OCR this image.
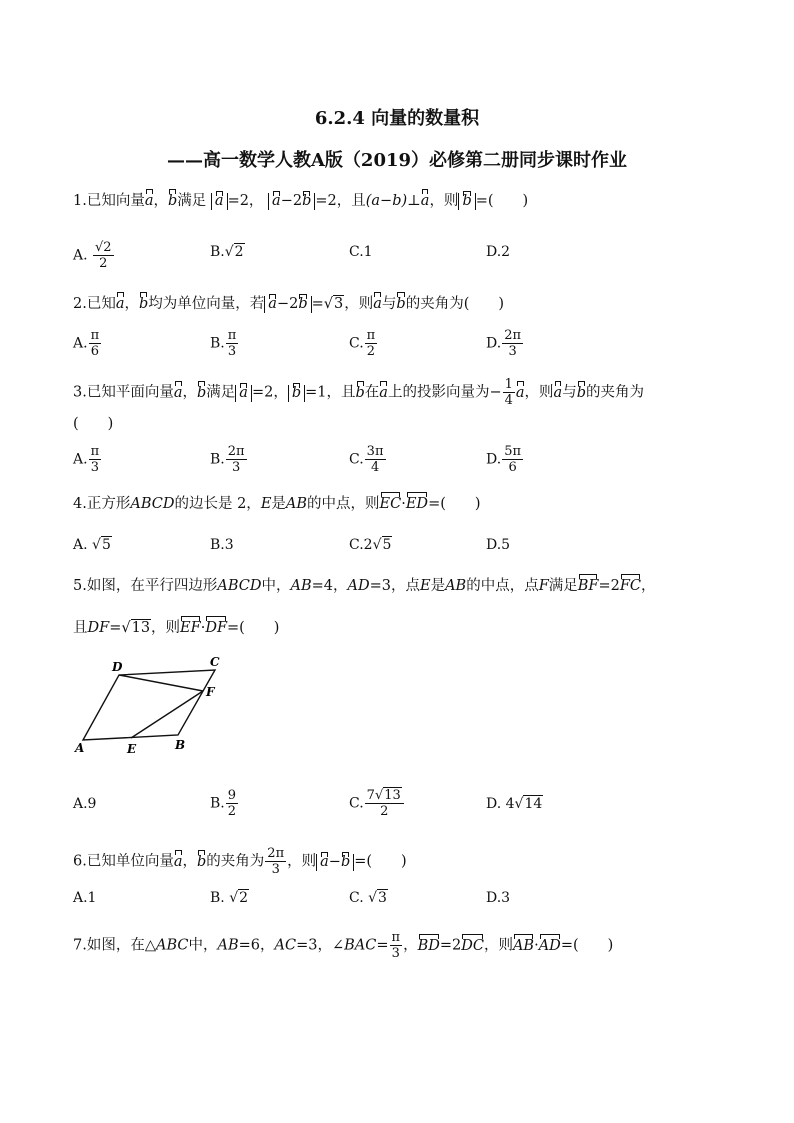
6.2.4 向量的数量积
——高一数学人教A版（2019）必修第二册同步课时作业
1.已知向量a，b满足 a =2， a−2b =2，且(a−b)⊥a，则 b =(　　)
A. $\frac{√2}{2}$	B.√2	C.1	D.2
2.已知a，b均为单位向量，若 a−2b =√3，则a与b的夹角为(　　)
A. $\frac{\pi}{6}$	B. $\frac{\pi}{3}$	C. $\frac{\pi}{2}$	D. $\frac{2\pi}{3}$
3.已知平面向量a，b满足 a =2， b =1，且b在a上的投影向量为− $\frac{1}{4}$ a，则a与b的夹角为
(　　)
A. $\frac{\pi}{3}$	B. $\frac{2\pi}{3}$	C. $\frac{3\pi}{4}$	D. $\frac{5\pi}{6}$
4.正方形ABCD的边长是 2，E是AB的中点，则EC·ED=(　　)
A. √5	B.3	C.2√5	D.5
5.如图，在平行四边形ABCD中，AB=4，AD=3，点E是AB的中点，点F满足BF=2FC，
且DF=√13，则EF·DF=(　　)
A
D	C
F
E	B
A.9	B. $\frac{9}{2}$	C. $\frac{7√13}{2}$	D. 4√14
6.已知单位向量a，b的夹角为 $\frac{2\pi}{3}$ ，则 a−b =(　　)
A.1	B. √2	C. √3	D.3
7.如图，在△ABC中，AB=6，AC=3，∠BAC= $\frac{\pi}{3}$ ，BD=2DC，则AB·AD=(　　)
